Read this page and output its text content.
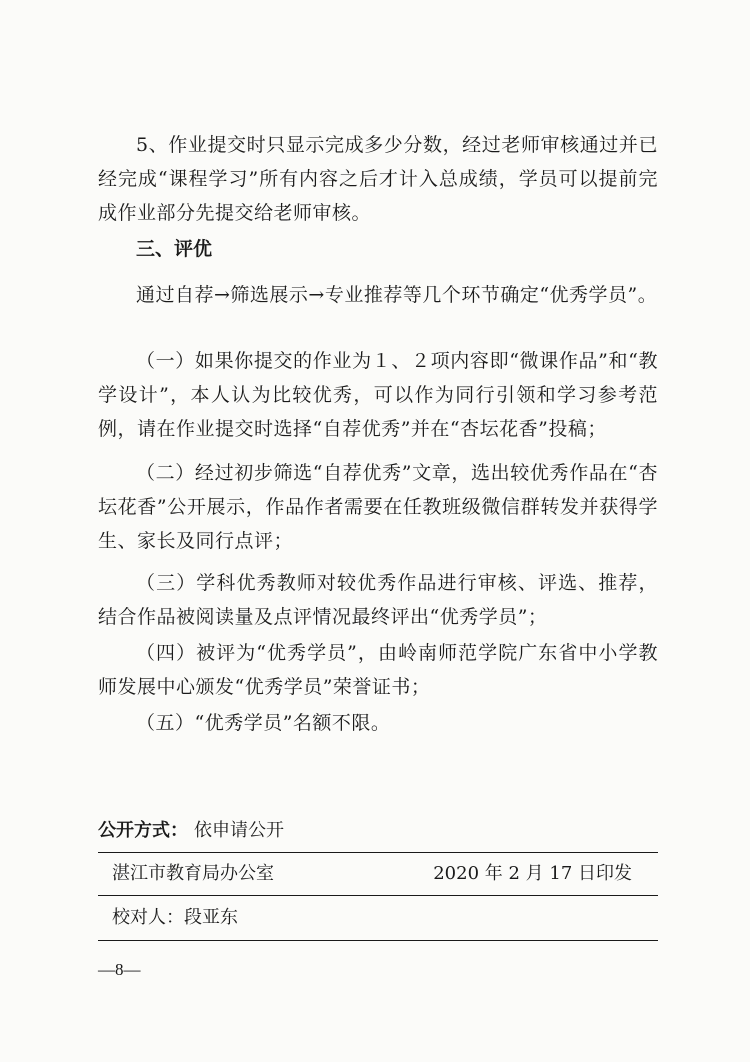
5、作业提交时只显示完成多少分数，经过老师审核通过并已经完成“课程学习”所有内容之后才计入总成绩，学员可以提前完成作业部分先提交给老师审核。

三、评优

通过自荐→筛选展示→专业推荐等几个环节确定“优秀学员”。

（一）如果你提交的作业为１、２项内容即“微课作品”和“教学设计”，本人认为比较优秀，可以作为同行引领和学习参考范例，请在作业提交时选择“自荐优秀”并在“杏坛花香”投稿；

（二）经过初步筛选“自荐优秀”文章，选出较优秀作品在“杏坛花香”公开展示，作品作者需要在任教班级微信群转发并获得学生、家长及同行点评；

（三）学科优秀教师对较优秀作品进行审核、评选、推荐，结合作品被阅读量及点评情况最终评出“优秀学员”；

（四）被评为“优秀学员”，由岭南师范学院广东省中小学教师发展中心颁发“优秀学员”荣誉证书；

（五）“优秀学员”名额不限。

公开方式： 依申请公开
湛江市教育局办公室	2020 年 2 月 17 日印发
校对人：段亚东
—8—
